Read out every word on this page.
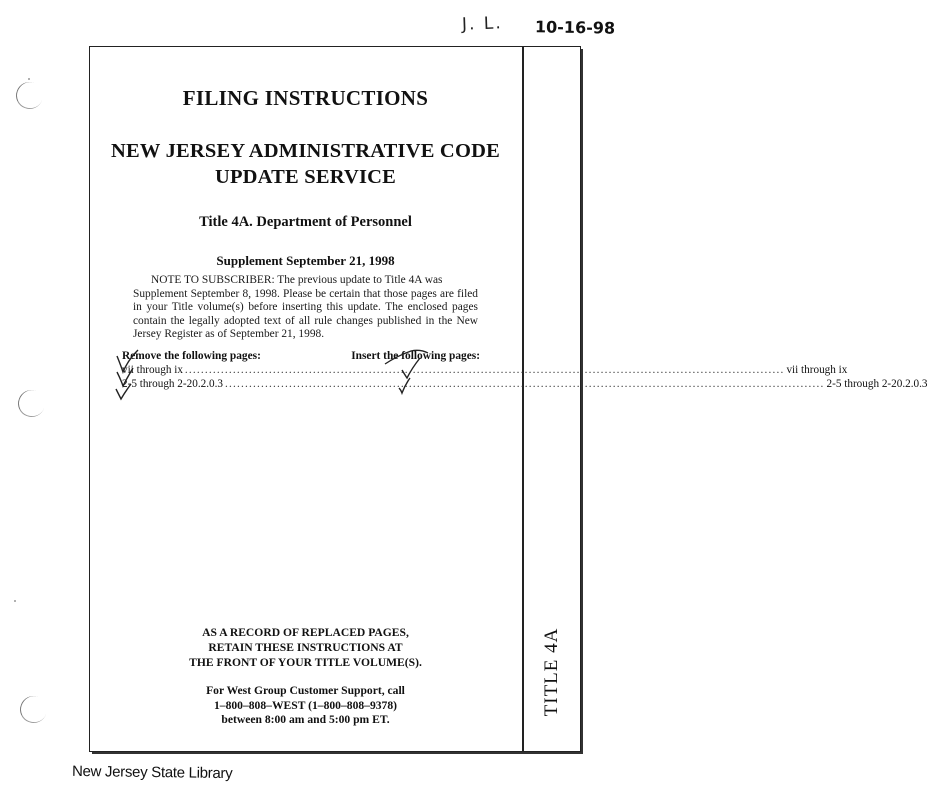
J. L. 10-16-98
TITLE 4A
FILING INSTRUCTIONS
NEW JERSEY ADMINISTRATIVE CODE
UPDATE SERVICE
Title 4A. Department of Personnel
Supplement September 21, 1998
NOTE TO SUBSCRIBER: The previous update to Title 4A was
Supplement September 8, 1998. Please be certain that those pages are filed in your Title volume(s) before inserting this update. The enclosed pages contain the legally adopted text of all rule changes published in the New Jersey Register as of September 21, 1998.
Remove the following pages:	Insert the following pages:
vii through ix ...................................................................................................................................................... vii through ix
2-5 through 2-20.2.0.3 ...................................................................................................................................................... 2-5 through 2-20.2.0.3
AS A RECORD OF REPLACED PAGES,
RETAIN THESE INSTRUCTIONS AT
THE FRONT OF YOUR TITLE VOLUME(S).
For West Group Customer Support, call
1–800–808–WEST (1–800–808–9378)
between 8:00 am and 5:00 pm ET.
New Jersey State Library
